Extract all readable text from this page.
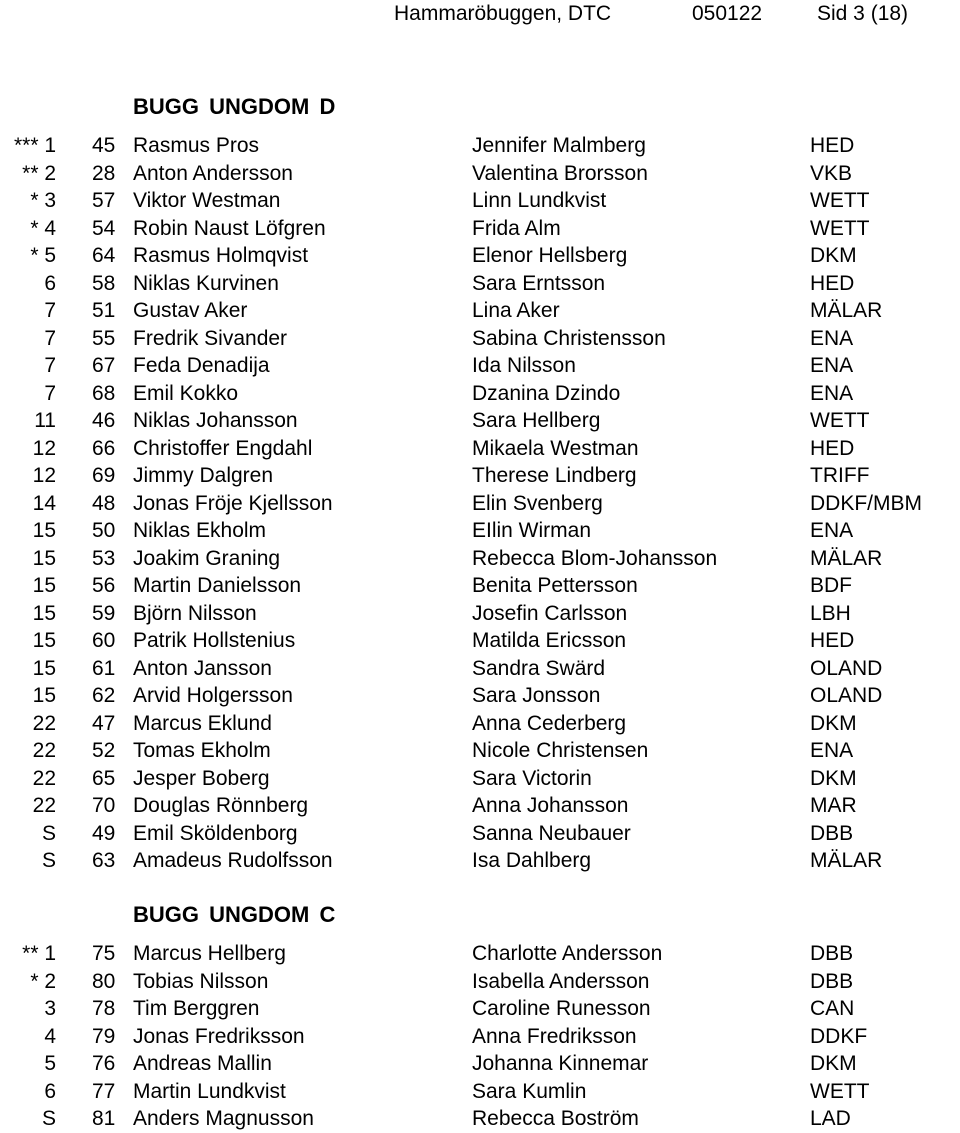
Hammaröbuggen, DTC	050122	Sid 3 (18)
BUGG UNGDOM D
*** 1 45 Rasmus Pros	Jennifer Malmberg	HED
** 2 28 Anton Andersson	Valentina Brorsson	VKB
* 3 57 Viktor Westman	Linn Lundkvist	WETT
* 4 54 Robin Naust Löfgren	Frida Alm	WETT
* 5 64 Rasmus Holmqvist	Elenor Hellsberg	DKM
6 58 Niklas Kurvinen	Sara Erntsson	HED
7 51 Gustav Aker	Lina Aker	MÄLAR
7 55 Fredrik Sivander	Sabina Christensson	ENA
7 67 Feda Denadija	Ida Nilsson	ENA
7 68 Emil Kokko	Dzanina Dzindo	ENA
11 46 Niklas Johansson	Sara Hellberg	WETT
12 66 Christoffer Engdahl	Mikaela Westman	HED
12 69 Jimmy Dalgren	Therese Lindberg	TRIFF
14 48 Jonas Fröje Kjellsson	Elin Svenberg	DDKF/MBM
15 50 Niklas Ekholm	EIlin Wirman	ENA
15 53 Joakim Graning	Rebecca Blom-Johansson	MÄLAR
15 56 Martin Danielsson	Benita Pettersson	BDF
15 59 Björn Nilsson	Josefin Carlsson	LBH
15 60 Patrik Hollstenius	Matilda Ericsson	HED
15 61 Anton Jansson	Sandra Swärd	OLAND
15 62 Arvid Holgersson	Sara Jonsson	OLAND
22 47 Marcus Eklund	Anna Cederberg	DKM
22 52 Tomas Ekholm	Nicole Christensen	ENA
22 65 Jesper Boberg	Sara Victorin	DKM
22 70 Douglas Rönnberg	Anna Johansson	MAR
S 49 Emil Sköldenborg	Sanna Neubauer	DBB
S 63 Amadeus Rudolfsson	Isa Dahlberg	MÄLAR
BUGG UNGDOM C
** 1 75 Marcus Hellberg	Charlotte Andersson	DBB
* 2 80 Tobias Nilsson	Isabella Andersson	DBB
3 78 Tim Berggren	Caroline Runesson	CAN
4 79 Jonas Fredriksson	Anna Fredriksson	DDKF
5 76 Andreas Mallin	Johanna Kinnemar	DKM
6 77 Martin Lundkvist	Sara Kumlin	WETT
S 81 Anders Magnusson	Rebecca Boström	LAD
